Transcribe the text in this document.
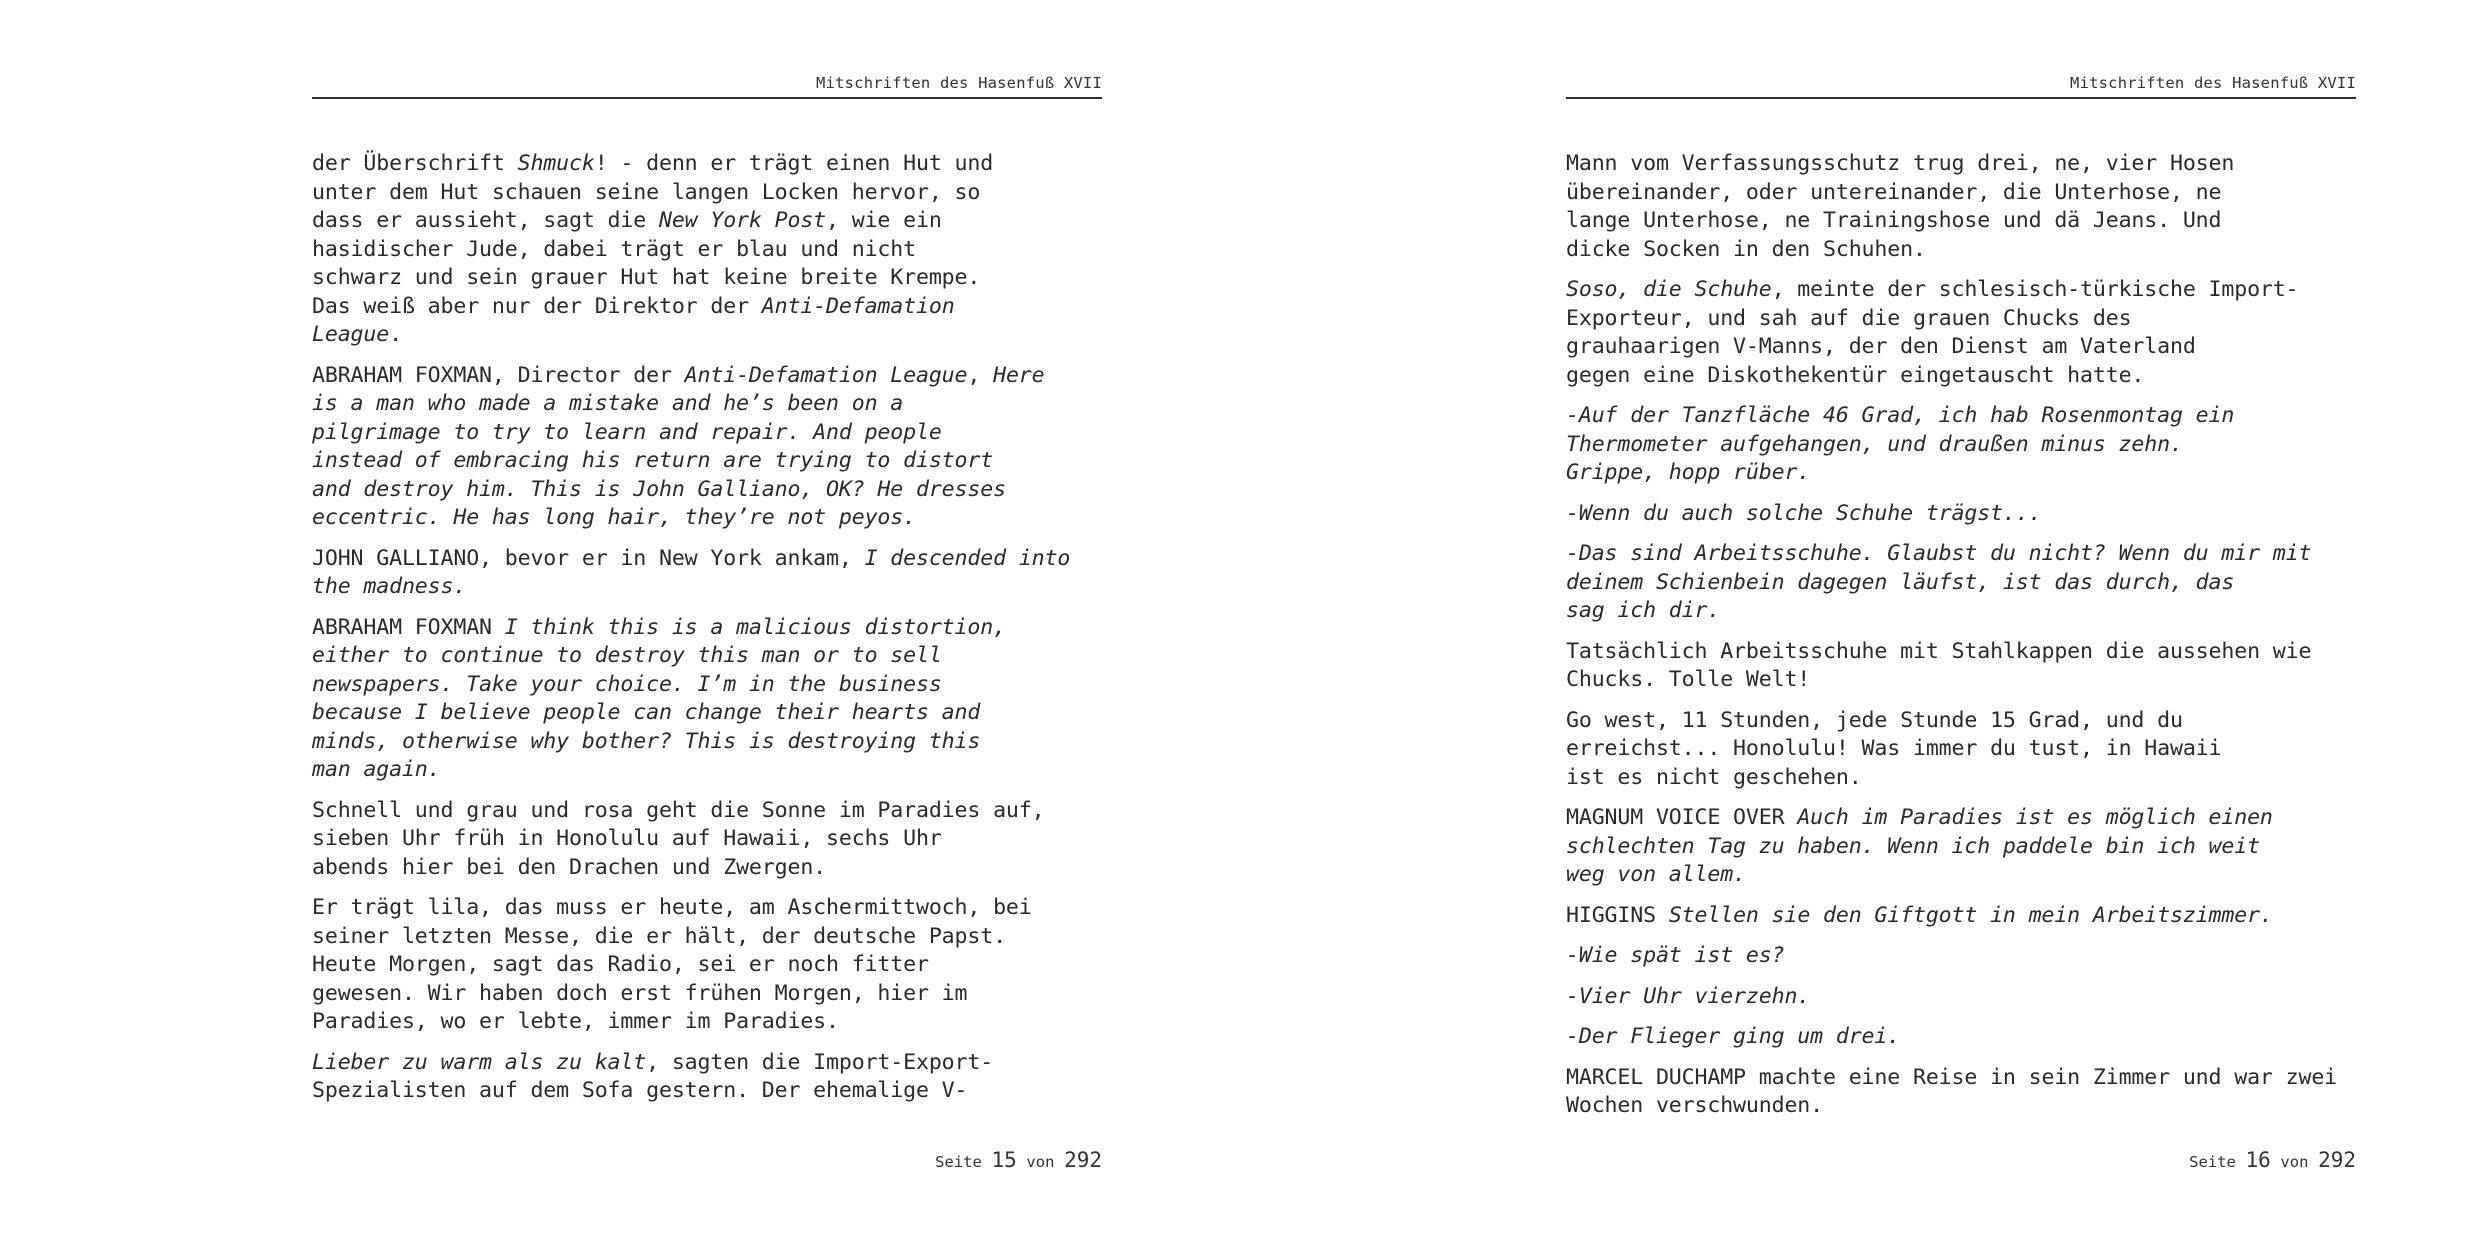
Mitschriften des Hasenfuß XVII

der Überschrift Shmuck! - denn er trägt einen Hut und
unter dem Hut schauen seine langen Locken hervor, so
dass er aussieht, sagt die New York Post, wie ein
hasidischer Jude, dabei trägt er blau und nicht
schwarz und sein grauer Hut hat keine breite Krempe.
Das weiß aber nur der Direktor der Anti-Defamation
League.

ABRAHAM FOXMAN, Director der Anti-Defamation League, Here
is a man who made a mistake and he’s been on a
pilgrimage to try to learn and repair. And people
instead of embracing his return are trying to distort
and destroy him. This is John Galliano, OK? He dresses
eccentric. He has long hair, they’re not peyos.

JOHN GALLIANO, bevor er in New York ankam, I descended into
the madness.

ABRAHAM FOXMAN I think this is a malicious distortion,
either to continue to destroy this man or to sell
newspapers. Take your choice. I’m in the business
because I believe people can change their hearts and
minds, otherwise why bother? This is destroying this
man again.

Schnell und grau und rosa geht die Sonne im Paradies auf,
sieben Uhr früh in Honolulu auf Hawaii, sechs Uhr
abends hier bei den Drachen und Zwergen.

Er trägt lila, das muss er heute, am Aschermittwoch, bei
seiner letzten Messe, die er hält, der deutsche Papst.
Heute Morgen, sagt das Radio, sei er noch fitter
gewesen. Wir haben doch erst frühen Morgen, hier im
Paradies, wo er lebte, immer im Paradies.

Lieber zu warm als zu kalt, sagten die Import-Export-
Spezialisten auf dem Sofa gestern. Der ehemalige V-

Seite 15 von 292
Mitschriften des Hasenfuß XVII

Mann vom Verfassungsschutz trug drei, ne, vier Hosen
übereinander, oder untereinander, die Unterhose, ne
lange Unterhose, ne Trainingshose und dä Jeans. Und
dicke Socken in den Schuhen.

Soso, die Schuhe, meinte der schlesisch-türkische Import-
Exporteur, und sah auf die grauen Chucks des
grauhaarigen V-Manns, der den Dienst am Vaterland
gegen eine Diskothekentür eingetauscht hatte.

-Auf der Tanzfläche 46 Grad, ich hab Rosenmontag ein
Thermometer aufgehangen, und draußen minus zehn.
Grippe, hopp rüber.

-Wenn du auch solche Schuhe trägst...

-Das sind Arbeitsschuhe. Glaubst du nicht? Wenn du mir mit
deinem Schienbein dagegen läufst, ist das durch, das
sag ich dir.

Tatsächlich Arbeitsschuhe mit Stahlkappen die aussehen wie
Chucks. Tolle Welt!

Go west, 11 Stunden, jede Stunde 15 Grad, und du
erreichst... Honolulu! Was immer du tust, in Hawaii
ist es nicht geschehen.

MAGNUM VOICE OVER Auch im Paradies ist es möglich einen
schlechten Tag zu haben. Wenn ich paddele bin ich weit
weg von allem.

HIGGINS Stellen sie den Giftgott in mein Arbeitszimmer.

-Wie spät ist es?

-Vier Uhr vierzehn.

-Der Flieger ging um drei.

MARCEL DUCHAMP machte eine Reise in sein Zimmer und war zwei
Wochen verschwunden.

Seite 16 von 292
